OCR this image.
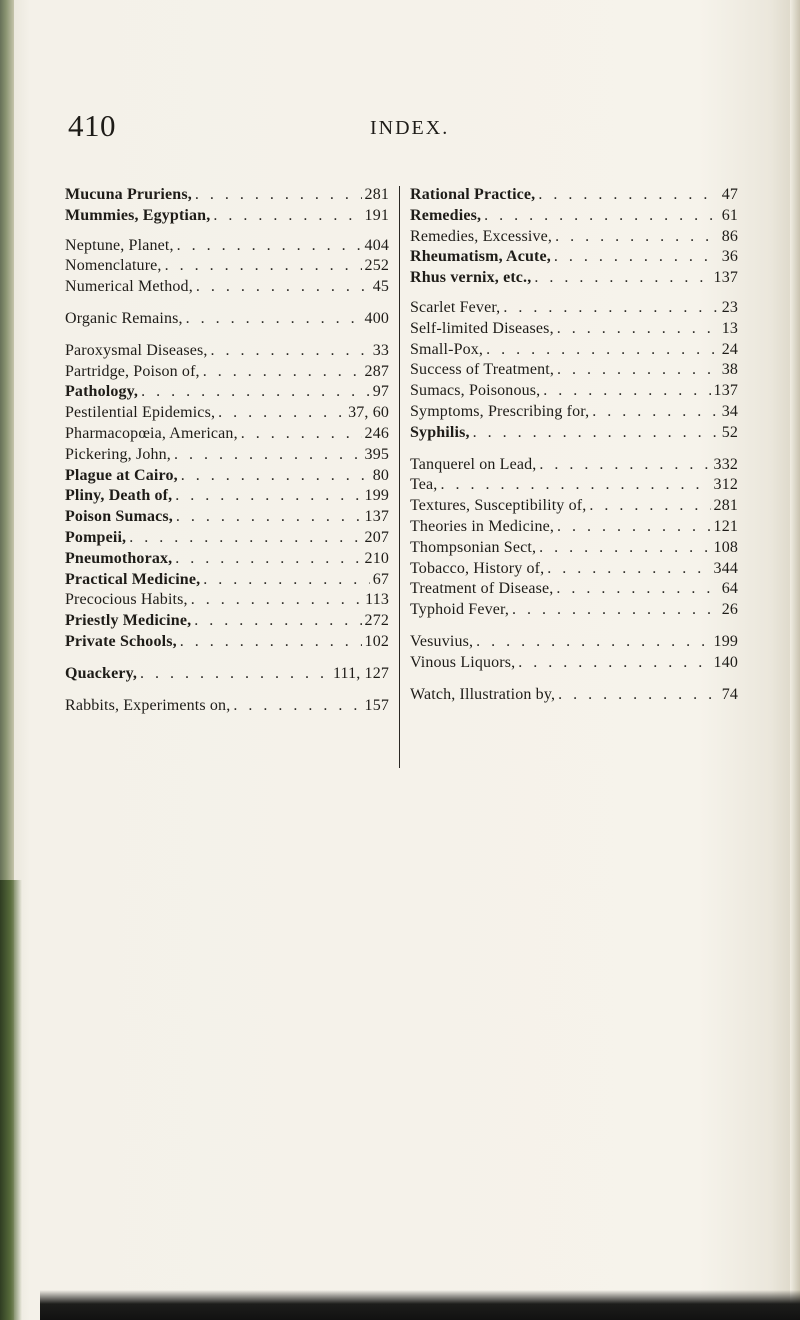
410	INDEX.
Mucuna Pruriens, . . .	281
Mummies, Egyptian, . . .	191
Neptune, Planet, . . .	404
Nomenclature, . . .	252
Numerical Method, . . .	45
Organic Remains, . . .	400
Paroxysmal Diseases, . . .	33
Partridge, Poison of, . . .	287
Pathology, . . .	97
Pestilential Epidemics, . . .	37, 60
Pharmacopœia, American, . . .	246
Pickering, John, . . .	395
Plague at Cairo, . . .	80
Pliny, Death of, . . .	199
Poison Sumacs, . . .	137
Pompeii, . . .	207
Pneumothorax, . . .	210
Practical Medicine, . . .	67
Precocious Habits, . . .	113
Priestly Medicine, . . .	272
Private Schools, . . .	102
Quackery, . . .	111, 127
Rabbits, Experiments on, . . .	157
Rational Practice, . . .	47
Remedies, . . .	61
Remedies, Excessive, . . .	86
Rheumatism, Acute, . . .	36
Rhus vernix, etc., . . .	137
Scarlet Fever, . . .	23
Self-limited Diseases, . . .	13
Small-Pox, . . .	24
Success of Treatment, . . .	38
Sumacs, Poisonous, . . .	137
Symptoms, Prescribing for, . . .	34
Syphilis, . . .	52
Tanquerel on Lead, . . .	332
Tea, . . .	312
Textures, Susceptibility of, . . .	281
Theories in Medicine, . . .	121
Thompsonian Sect, . . .	108
Tobacco, History of, . . .	344
Treatment of Disease, . . .	64
Typhoid Fever, . . .	26
Vesuvius, . . .	199
Vinous Liquors, . . .	140
Watch, Illustration by, . . .	74
